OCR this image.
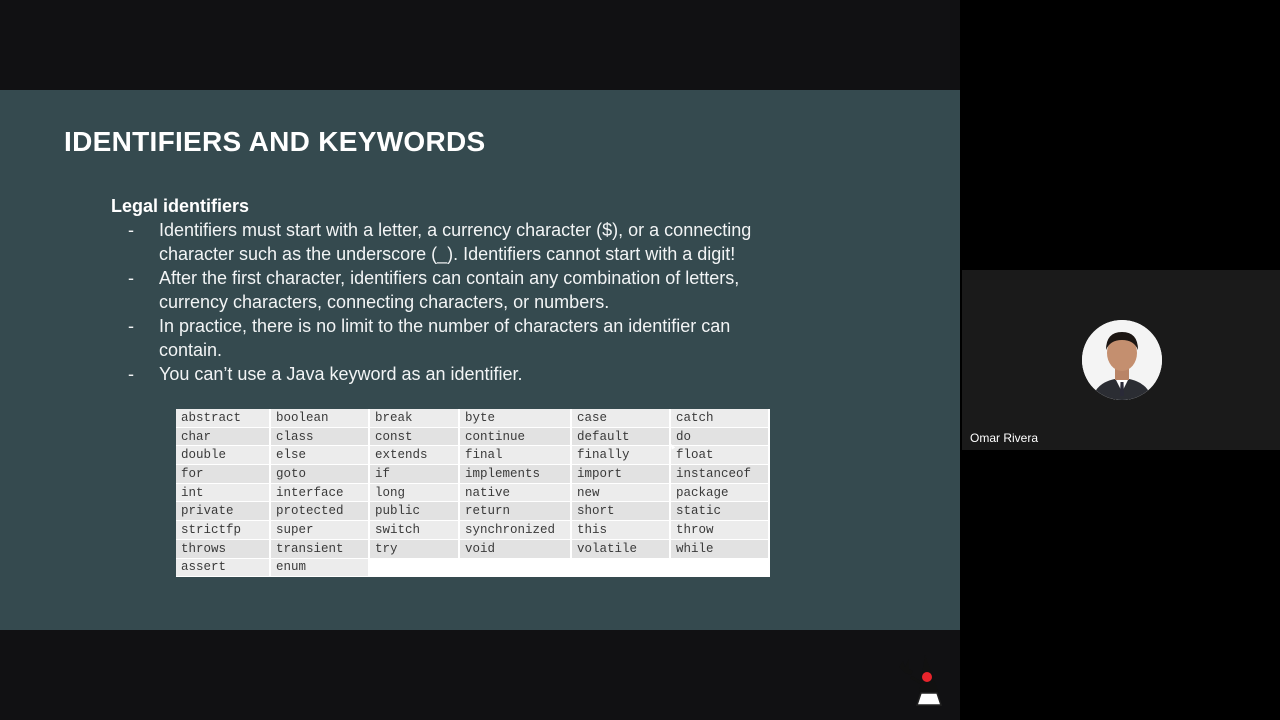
IDENTIFIERS AND KEYWORDS
Legal identifiers
- Identifiers must start with a letter, a currency character ($), or a connecting
character such as the underscore (_). Identifiers cannot start with a digit!
- After the first character, identifiers can contain any combination of letters,
currency characters, connecting characters, or numbers.
- In practice, there is no limit to the number of characters an identifier can
contain.
- You can’t use a Java keyword as an identifier.
abstract	boolean	break	byte	case	catch
char	class	const	continue	default	do
double	else	extends	final	finally	float
for	goto	if	implements	import	instanceof
int	interface	long	native	new	package
private	protected	public	return	short	static
strictfp	super	switch	synchronized	this	throw
throws	transient	try	void	volatile	while
assert	enum				
Omar Rivera
